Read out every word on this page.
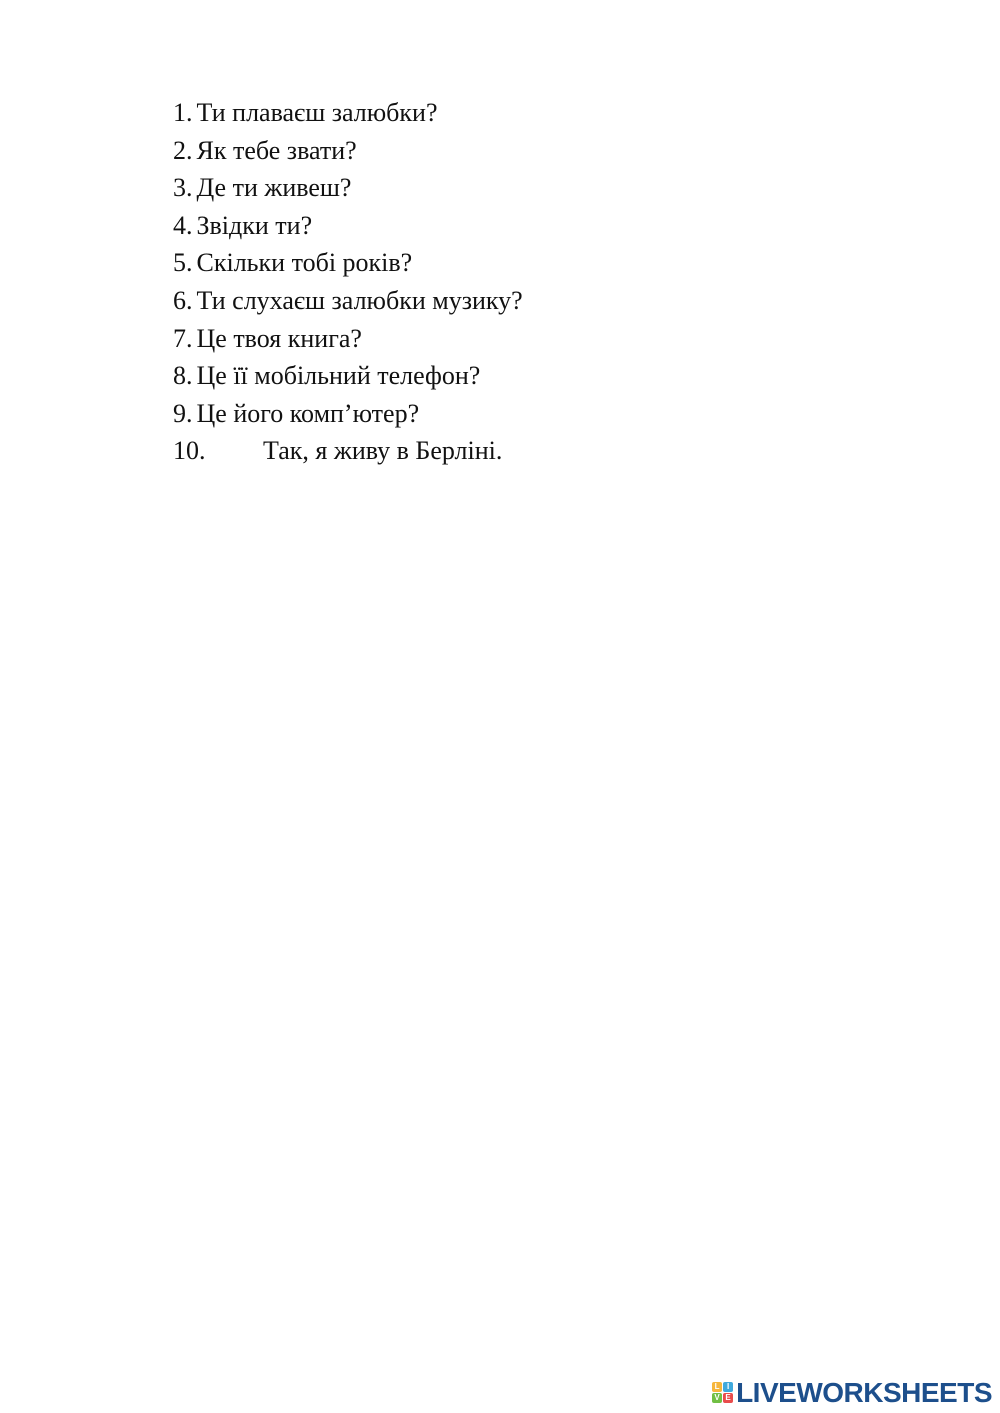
1. Ти плаваєш залюбки?
2. Як тебе звати?
3. Де ти живеш?
4. Звідки ти?
5. Скільки тобі років?
6. Ти слухаєш залюбки музику?
7. Це твоя книга?
8. Це її мобільний телефон?
9. Це його комп’ютер?
10. Так, я живу в Берліні.
L I
V E LIVEWORKSHEETS
